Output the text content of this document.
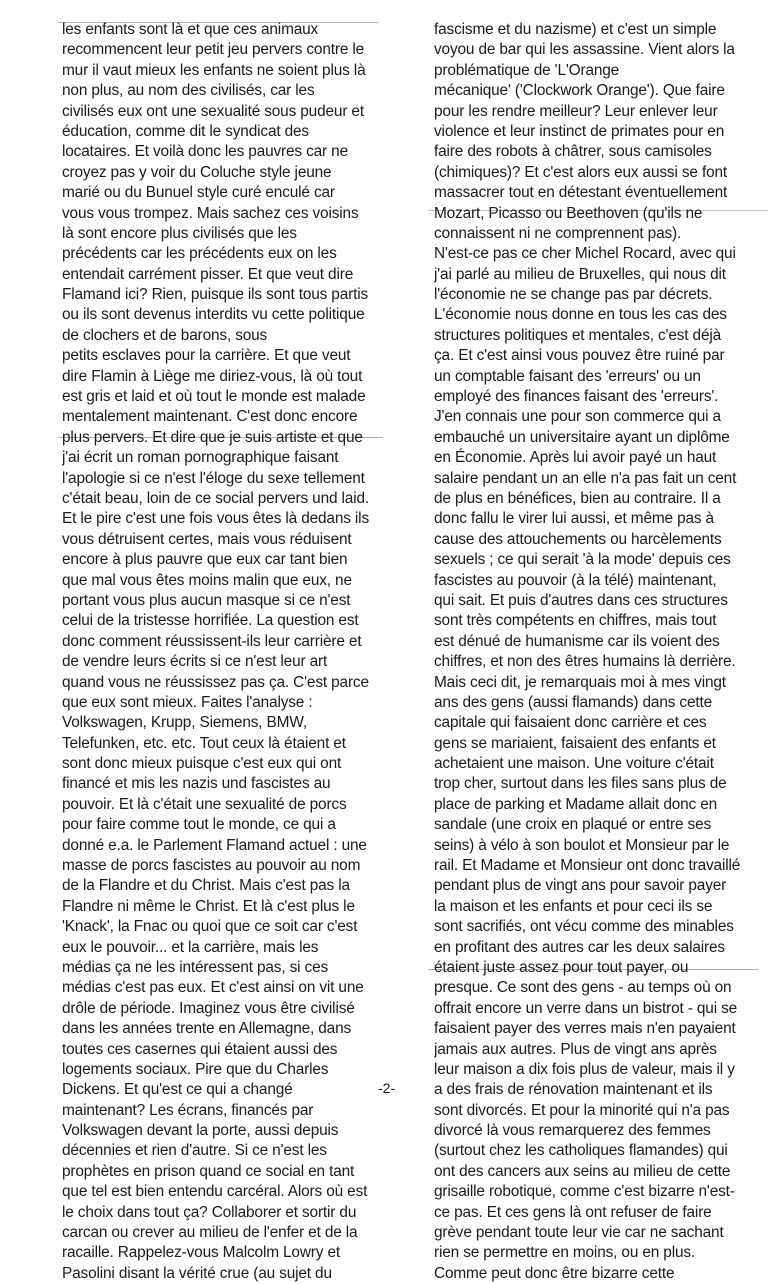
les enfants sont là et que ces animaux
recommencent leur petit jeu pervers contre le
mur il vaut mieux les enfants ne soient plus là
non plus, au nom des civilisés, car les
civilisés eux ont une sexualité sous pudeur et
éducation, comme dit le syndicat des
locataires. Et voilà donc les pauvres car ne
croyez pas y voir du Coluche style jeune
marié ou du Bunuel style curé enculé car
vous vous trompez. Mais sachez ces voisins
là sont encore plus civilisés que les
précédents car les précédents eux on les
entendait carrément pisser. Et que veut dire
Flamand ici? Rien, puisque ils sont tous partis
ou ils sont devenus interdits vu cette politique
de clochers et de barons, sous
petits esclaves pour la carrière. Et que veut
dire Flamin à Liège me diriez-vous, là où tout
est gris et laid et où tout le monde est malade
mentalement maintenant. C'est donc encore
plus pervers. Et dire que je suis artiste et que
j'ai écrit un roman pornographique faisant
l'apologie si ce n'est l'éloge du sexe tellement
c'était beau, loin de ce social pervers und laid.
Et le pire c'est une fois vous êtes là dedans ils
vous détruisent certes, mais vous réduisent
encore à plus pauvre que eux car tant bien
que mal vous êtes moins malin que eux, ne
portant vous plus aucun masque si ce n'est
celui de la tristesse horrifiée. La question est
donc comment réussissent-ils leur carrière et
de vendre leurs écrits si ce n'est leur art
quand vous ne réussissez pas ça. C'est parce
que eux sont mieux. Faites l'analyse :
Volkswagen, Krupp, Siemens, BMW,
Telefunken, etc. etc. Tout ceux là étaient et
sont donc mieux puisque c'est eux qui ont
financé et mis les nazis und fascistes au
pouvoir. Et là c'était une sexualité de porcs
pour faire comme tout le monde, ce qui a
donné e.a. le Parlement Flamand actuel : une
masse de porcs fascistes au pouvoir au nom
de la Flandre et du Christ. Mais c'est pas la
Flandre ni même le Christ. Et là c'est plus le
'Knack', la Fnac ou quoi que ce soit car c'est
eux le pouvoir... et la carrière, mais les
médias ça ne les intéressent pas, si ces
médias c'est pas eux. Et c'est ainsi on vit une
drôle de période. Imaginez vous être civilisé
dans les années trente en Allemagne, dans
toutes ces casernes qui étaient aussi des
logements sociaux. Pire que du Charles
Dickens. Et qu'est ce qui a changé
maintenant? Les écrans, financés par
Volkswagen devant la porte, aussi depuis
décennies et rien d'autre. Si ce n'est les
prophètes en prison quand ce social en tant
que tel est bien entendu carcéral. Alors où est
le choix dans tout ça? Collaborer et sortir du
carcan ou crever au milieu de l'enfer et de la
racaille. Rappelez-vous Malcolm Lowry et
Pasolini disant la vérité crue (au sujet du
fascisme et du nazisme) et c'est un simple
voyou de bar qui les assassine. Vient alors la
problématique de 'L'Orange
mécanique' ('Clockwork Orange'). Que faire
pour les rendre meilleur? Leur enlever leur
violence et leur instinct de primates pour en
faire des robots à châtrer, sous camisoles
(chimiques)? Et c'est alors eux aussi se font
massacrer tout en détestant éventuellement
Mozart, Picasso ou Beethoven (qu'ils ne
connaissent ni ne comprennent pas).
N'est-ce pas ce cher Michel Rocard, avec qui
j'ai parlé au milieu de Bruxelles, qui nous dit
l'économie ne se change pas par décrets.
L'économie nous donne en tous les cas des
structures politiques et mentales, c'est déjà
ça. Et c'est ainsi vous pouvez être ruiné par
un comptable faisant des 'erreurs' ou un
employé des finances faisant des 'erreurs'.
J'en connais une pour son commerce qui a
embauché un universitaire ayant un diplôme
en Économie. Après lui avoir payé un haut
salaire pendant un an elle n'a pas fait un cent
de plus en bénéfices, bien au contraire. Il a
donc fallu le virer lui aussi, et même pas à
cause des attouchements ou harcèlements
sexuels ; ce qui serait 'à la mode' depuis ces
fascistes au pouvoir (à la télé) maintenant,
qui sait. Et puis d'autres dans ces structures
sont très compétents en chiffres, mais tout
est dénué de humanisme car ils voient des
chiffres, et non des êtres humains là derrière.
Mais ceci dit, je remarquais moi à mes vingt
ans des gens (aussi flamands) dans cette
capitale qui faisaient donc carrière et ces
gens se mariaient, faisaient des enfants et
achetaient une maison. Une voiture c'était
trop cher, surtout dans les files sans plus de
place de parking et Madame allait donc en
sandale (une croix en plaqué or entre ses
seins) à vélo à son boulot et Monsieur par le
rail. Et Madame et Monsieur ont donc travaillé
pendant plus de vingt ans pour savoir payer
la maison et les enfants et pour ceci ils se
sont sacrifiés, ont vécu comme des minables
en profitant des autres car les deux salaires
étaient juste assez pour tout payer, ou
presque. Ce sont des gens - au temps où on
offrait encore un verre dans un bistrot - qui se
faisaient payer des verres mais n'en payaient
jamais aux autres. Plus de vingt ans après
leur maison a dix fois plus de valeur, mais il y
a des frais de rénovation maintenant et ils
sont divorcés. Et pour la minorité qui n'a pas
divorcé là vous remarquerez des femmes
(surtout chez les catholiques flamandes) qui
ont des cancers aux seins au milieu de cette
grisaille robotique, comme c'est bizarre n'est-
ce pas. Et ces gens là ont refuser de faire
grève pendant toute leur vie car ne sachant
rien se permettre en moins, ou en plus.
Comme peut donc être bizarre cette
-2-
